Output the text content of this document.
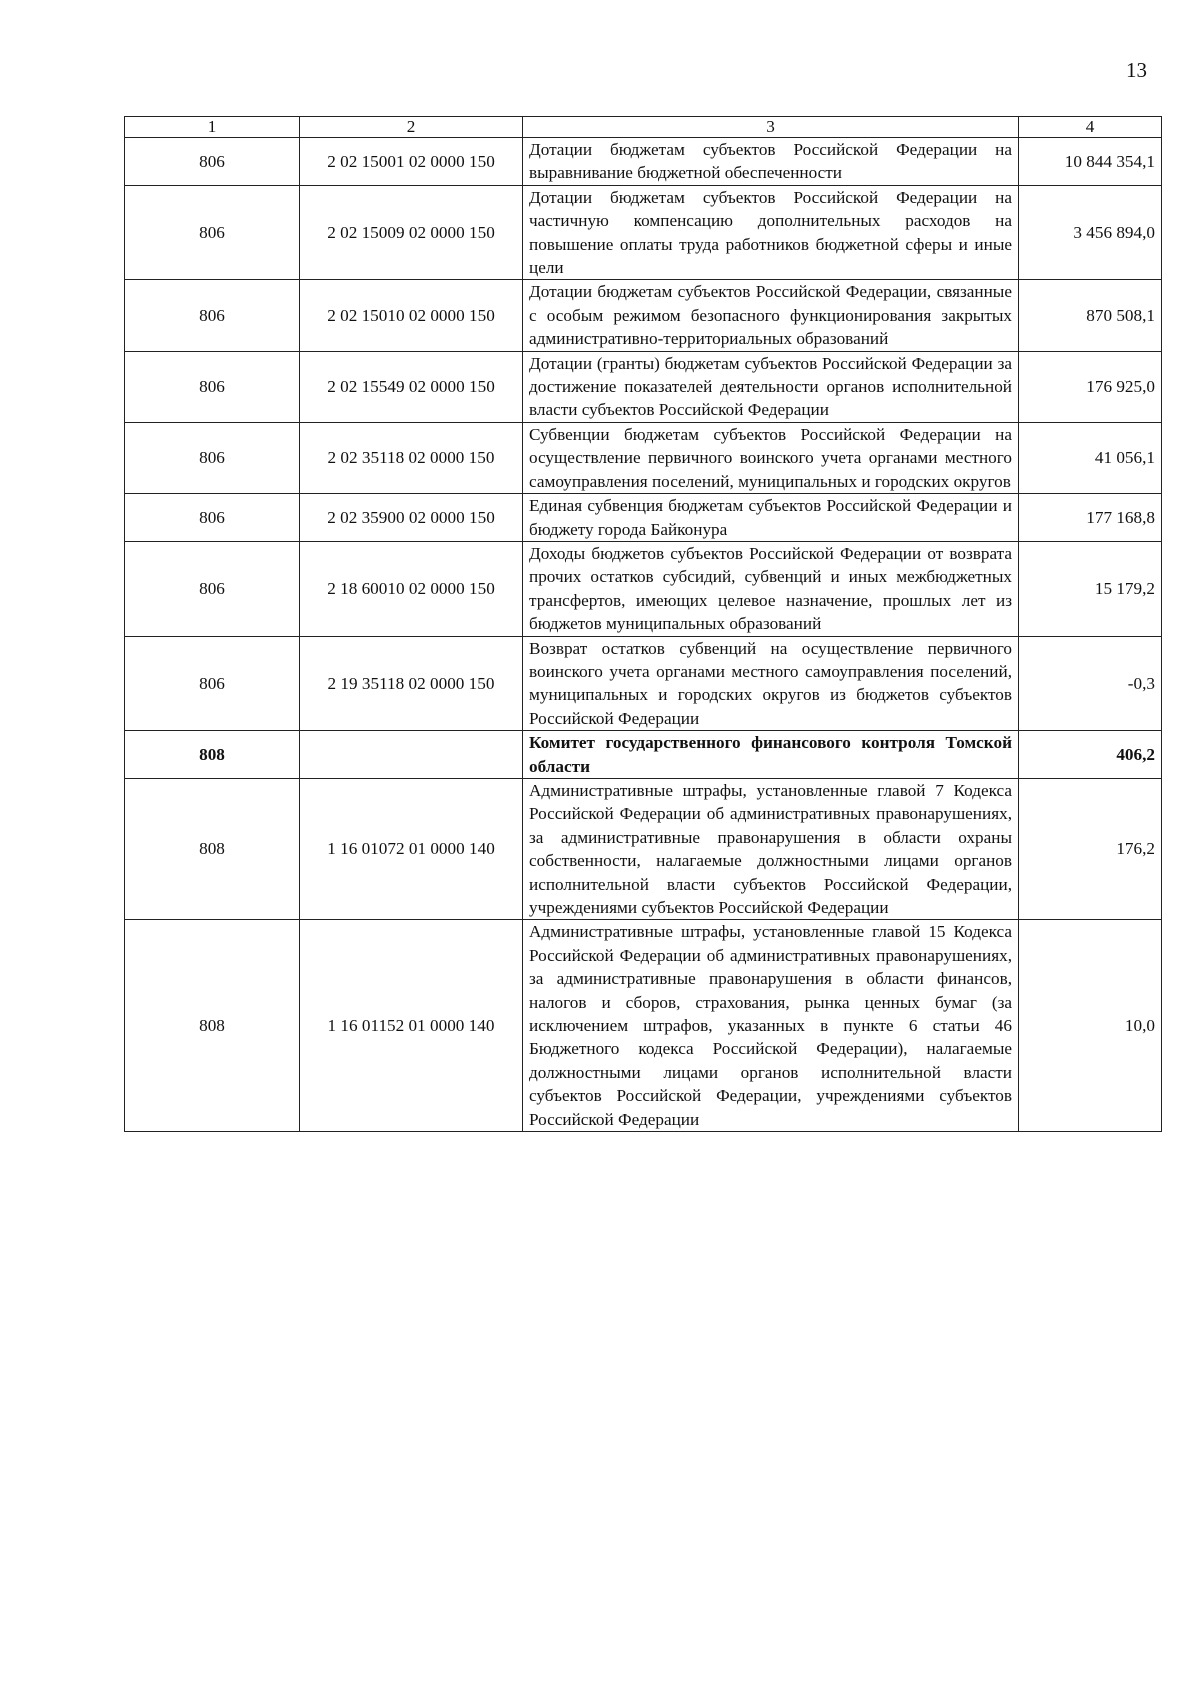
13
1	2	3	4
806	2 02 15001 02 0000 150	Дотации бюджетам субъектов Российской Федерации на выравнивание бюджетной обеспеченности	10 844 354,1
806	2 02 15009 02 0000 150	Дотации бюджетам субъектов Российской Федерации на частичную компенсацию дополнительных расходов на повышение оплаты труда работников бюджетной сферы и иные цели	3 456 894,0
806	2 02 15010 02 0000 150	Дотации бюджетам субъектов Российской Федерации, связанные с особым режимом безопасного функционирования закрытых административно-территориальных образований	870 508,1
806	2 02 15549 02 0000 150	Дотации (гранты) бюджетам субъектов Российской Федерации за достижение показателей деятельности органов исполнительной власти субъектов Российской Федерации	176 925,0
806	2 02 35118 02 0000 150	Субвенции бюджетам субъектов Российской Федерации на осуществление первичного воинского учета органами местного самоуправления поселений, муниципальных и городских округов	41 056,1
806	2 02 35900 02 0000 150	Единая субвенция бюджетам субъектов Российской Федерации и бюджету города Байконура	177 168,8
806	2 18 60010 02 0000 150	Доходы бюджетов субъектов Российской Федерации от возврата прочих остатков субсидий, субвенций и иных межбюджетных трансфертов, имеющих целевое назначение, прошлых лет из бюджетов муниципальных образований	15 179,2
806	2 19 35118 02 0000 150	Возврат остатков субвенций на осуществление первичного воинского учета органами местного самоуправления поселений, муниципальных и городских округов из бюджетов субъектов Российской Федерации	-0,3
808		Комитет государственного финансового контроля Томской области	406,2
808	1 16 01072 01 0000 140	Административные штрафы, установленные главой 7 Кодекса Российской Федерации об административных правонарушениях, за административные правонарушения в области охраны собственности, налагаемые должностными лицами органов исполнительной власти субъектов Российской Федерации, учреждениями субъектов Российской Федерации	176,2
808	1 16 01152 01 0000 140	Административные штрафы, установленные главой 15 Кодекса Российской Федерации об административных правонарушениях, за административные правонарушения в области финансов, налогов и сборов, страхования, рынка ценных бумаг (за исключением штрафов, указанных в пункте 6 статьи 46 Бюджетного кодекса Российской Федерации), налагаемые должностными лицами органов исполнительной власти субъектов Российской Федерации, учреждениями субъектов Российской Федерации	10,0
